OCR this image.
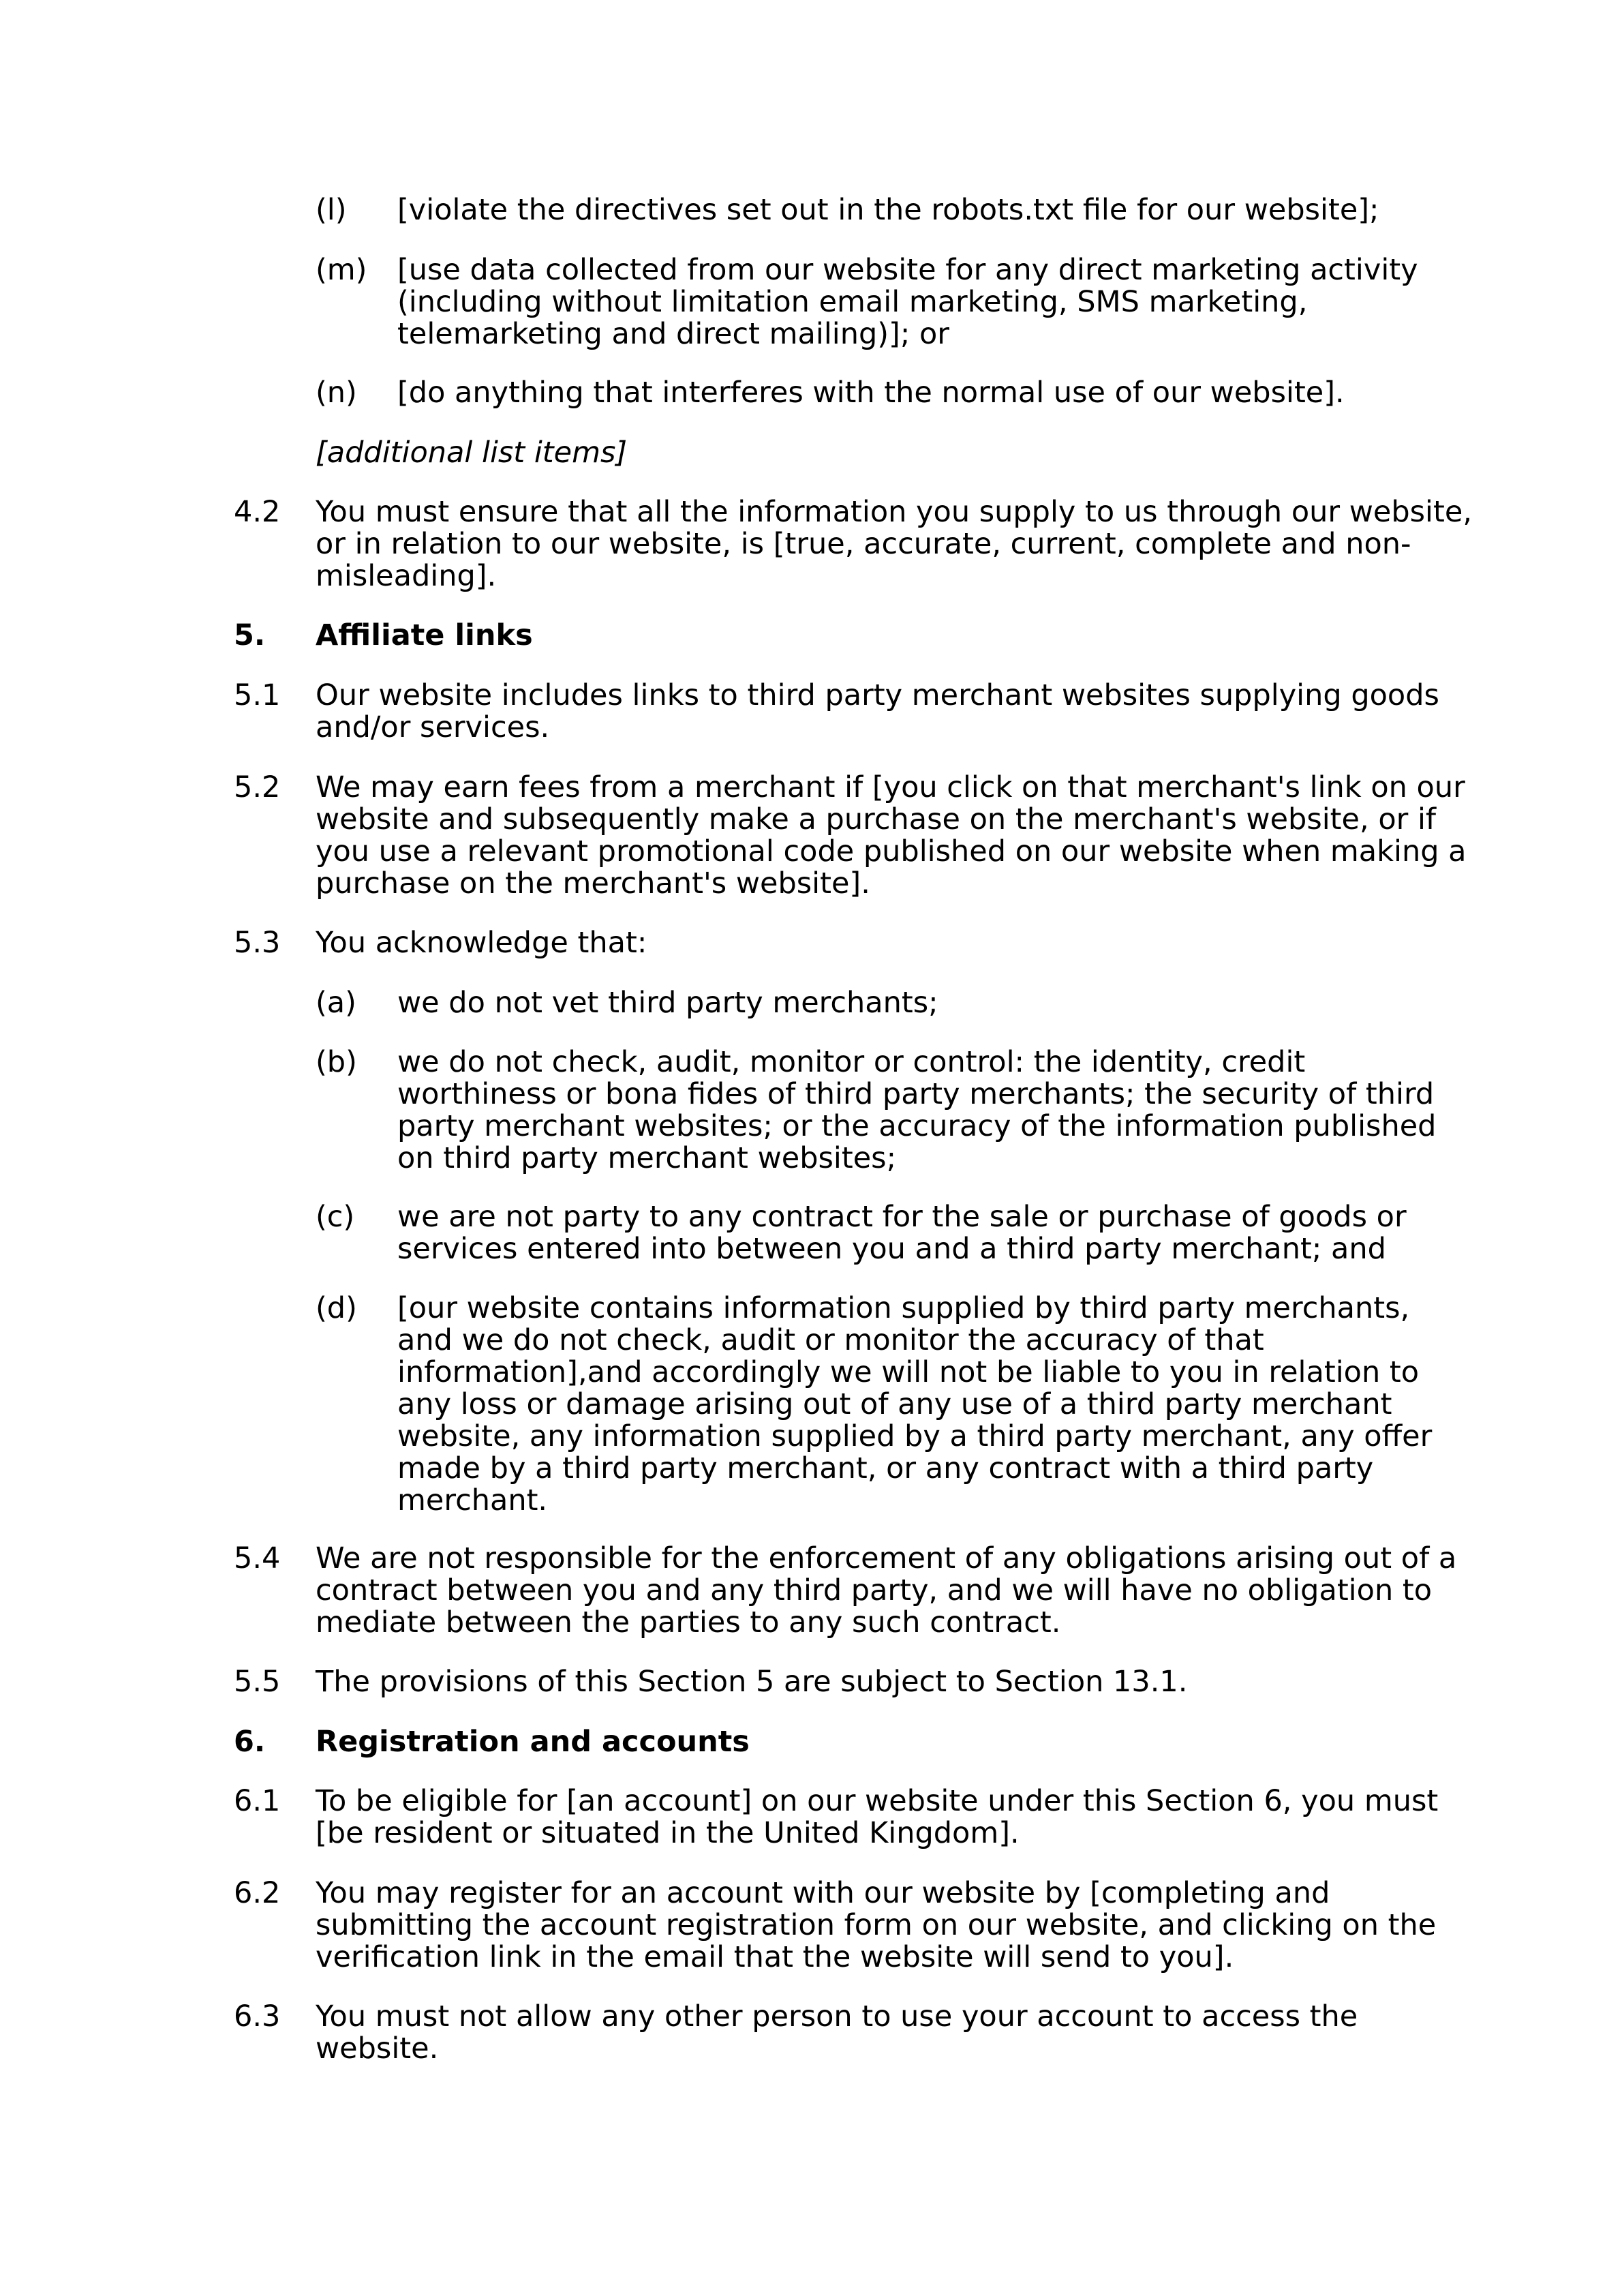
(l) [violate the directives set out in the robots.txt file for our website];
(m) [use data collected from our website for any direct marketing activity
(including without limitation email marketing, SMS marketing,
telemarketing and direct mailing)]; or
(n) [do anything that interferes with the normal use of our website].
[additional list items]
4.2 You must ensure that all the information you supply to us through our website,
or in relation to our website, is [true, accurate, current, complete and non-
misleading].
5. Affiliate links
5.1 Our website includes links to third party merchant websites supplying goods
and/or services.
5.2 We may earn fees from a merchant if [you click on that merchant's link on our
website and subsequently make a purchase on the merchant's website, or if
you use a relevant promotional code published on our website when making a
purchase on the merchant's website].
5.3 You acknowledge that:
(a) we do not vet third party merchants;
(b) we do not check, audit, monitor or control: the identity, credit
worthiness or bona fides of third party merchants; the security of third
party merchant websites; or the accuracy of the information published
on third party merchant websites;
(c) we are not party to any contract for the sale or purchase of goods or
services entered into between you and a third party merchant; and
(d) [our website contains information supplied by third party merchants,
and we do not check, audit or monitor the accuracy of that
information],and accordingly we will not be liable to you in relation to
any loss or damage arising out of any use of a third party merchant
website, any information supplied by a third party merchant, any offer
made by a third party merchant, or any contract with a third party
merchant.
5.4 We are not responsible for the enforcement of any obligations arising out of a
contract between you and any third party, and we will have no obligation to
mediate between the parties to any such contract.
5.5 The provisions of this Section 5 are subject to Section 13.1.
6. Registration and accounts
6.1 To be eligible for [an account] on our website under this Section 6, you must
[be resident or situated in the United Kingdom].
6.2 You may register for an account with our website by [completing and
submitting the account registration form on our website, and clicking on the
verification link in the email that the website will send to you].
6.3 You must not allow any other person to use your account to access the
website.
